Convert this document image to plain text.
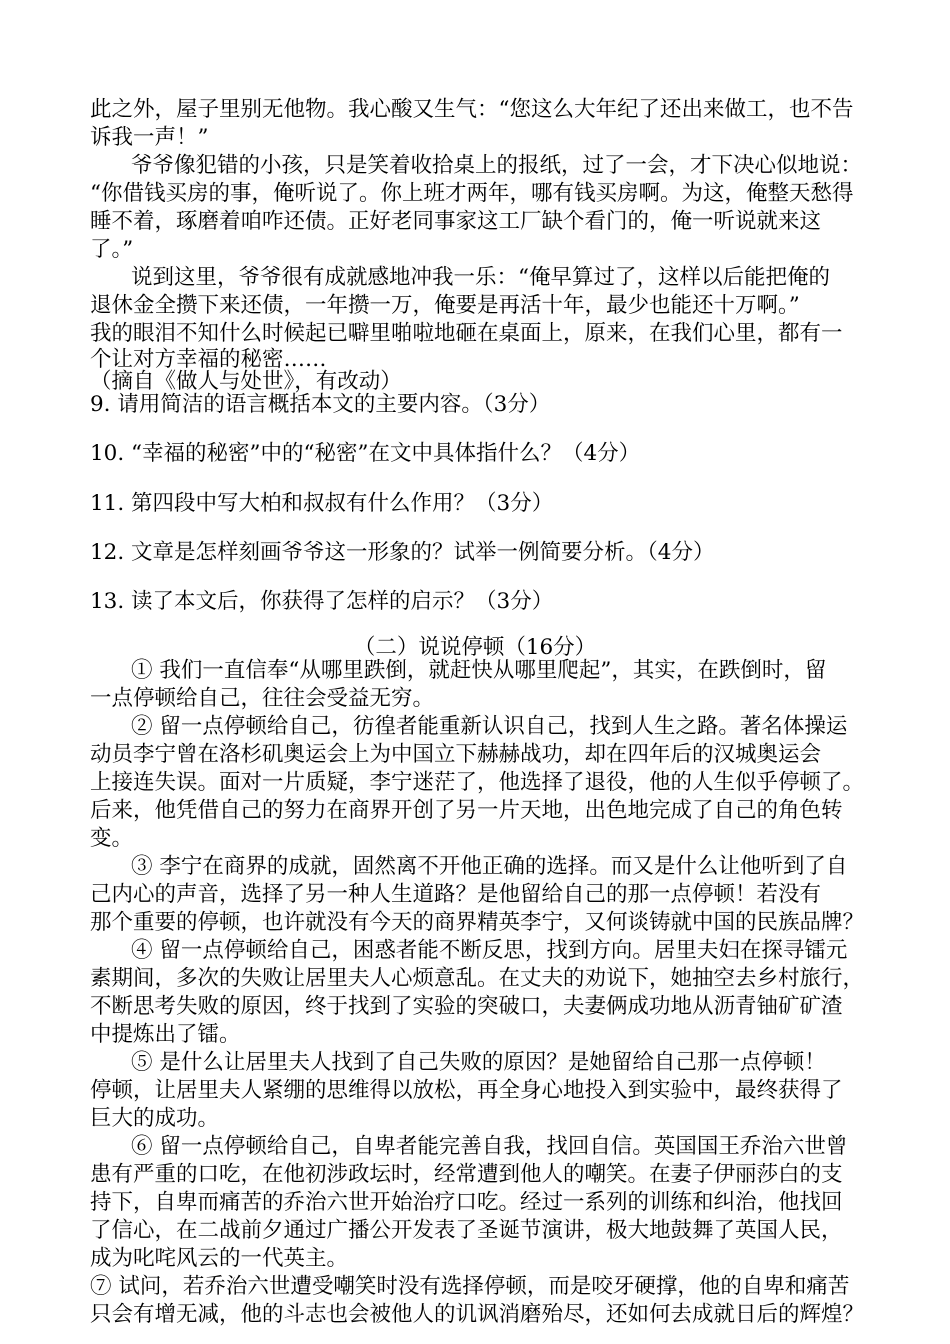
此之外，屋子里别无他物。我心酸又生气：“您这么大年纪了还出来做工，也不告
诉我一声！”
爷爷像犯错的小孩，只是笑着收拾桌上的报纸，过了一会，才下决心似地说：
“你借钱买房的事，俺听说了。你上班才两年，哪有钱买房啊。为这，俺整天愁得
睡不着，琢磨着咱咋还债。正好老同事家这工厂缺个看门的，俺一听说就来这
了。”
说到这里，爷爷很有成就感地冲我一乐：“俺早算过了，这样以后能把俺的
退休金全攒下来还债，一年攒一万，俺要是再活十年，最少也能还十万啊。”
我的眼泪不知什么时候起已噼里啪啦地砸在桌面上，原来，在我们心里，都有一
个让对方幸福的秘密……
（摘自《做人与处世》，有改动）
9. 请用简洁的语言概括本文的主要内容。（3分）
10. “幸福的秘密”中的“秘密”在文中具体指什么？（4分）
11. 第四段中写大柏和叔叔有什么作用？（3分）
12. 文章是怎样刻画爷爷这一形象的？试举一例简要分析。（4分）
13. 读了本文后，你获得了怎样的启示？（3分）
（二）说说停顿（16分）
① 我们一直信奉“从哪里跌倒，就赶快从哪里爬起”，其实，在跌倒时，留
一点停顿给自己，往往会受益无穷。
② 留一点停顿给自己，彷徨者能重新认识自己，找到人生之路。著名体操运
动员李宁曾在洛杉矶奥运会上为中国立下赫赫战功，却在四年后的汉城奥运会
上接连失误。面对一片质疑，李宁迷茫了，他选择了退役，他的人生似乎停顿了。
后来，他凭借自己的努力在商界开创了另一片天地，出色地完成了自己的角色转
变。
③ 李宁在商界的成就，固然离不开他正确的选择。而又是什么让他听到了自
己内心的声音，选择了另一种人生道路？是他留给自己的那一点停顿！若没有
那个重要的停顿，也许就没有今天的商界精英李宁，又何谈铸就中国的民族品牌？
④ 留一点停顿给自己，困惑者能不断反思，找到方向。居里夫妇在探寻镭元
素期间，多次的失败让居里夫人心烦意乱。在丈夫的劝说下，她抽空去乡村旅行，
不断思考失败的原因，终于找到了实验的突破口，夫妻俩成功地从沥青铀矿矿渣
中提炼出了镭。
⑤ 是什么让居里夫人找到了自己失败的原因？是她留给自己那一点停顿！
停顿，让居里夫人紧绷的思维得以放松，再全身心地投入到实验中，最终获得了
巨大的成功。
⑥ 留一点停顿给自己，自卑者能完善自我，找回自信。英国国王乔治六世曾
患有严重的口吃，在他初涉政坛时，经常遭到他人的嘲笑。在妻子伊丽莎白的支
持下，自卑而痛苦的乔治六世开始治疗口吃。经过一系列的训练和纠治，他找回
了信心，在二战前夕通过广播公开发表了圣诞节演讲，极大地鼓舞了英国人民，
成为叱咤风云的一代英主。
⑦ 试问，若乔治六世遭受嘲笑时没有选择停顿，而是咬牙硬撑，他的自卑和痛苦
只会有增无减，他的斗志也会被他人的讥讽消磨殆尽，还如何去成就日后的辉煌？
